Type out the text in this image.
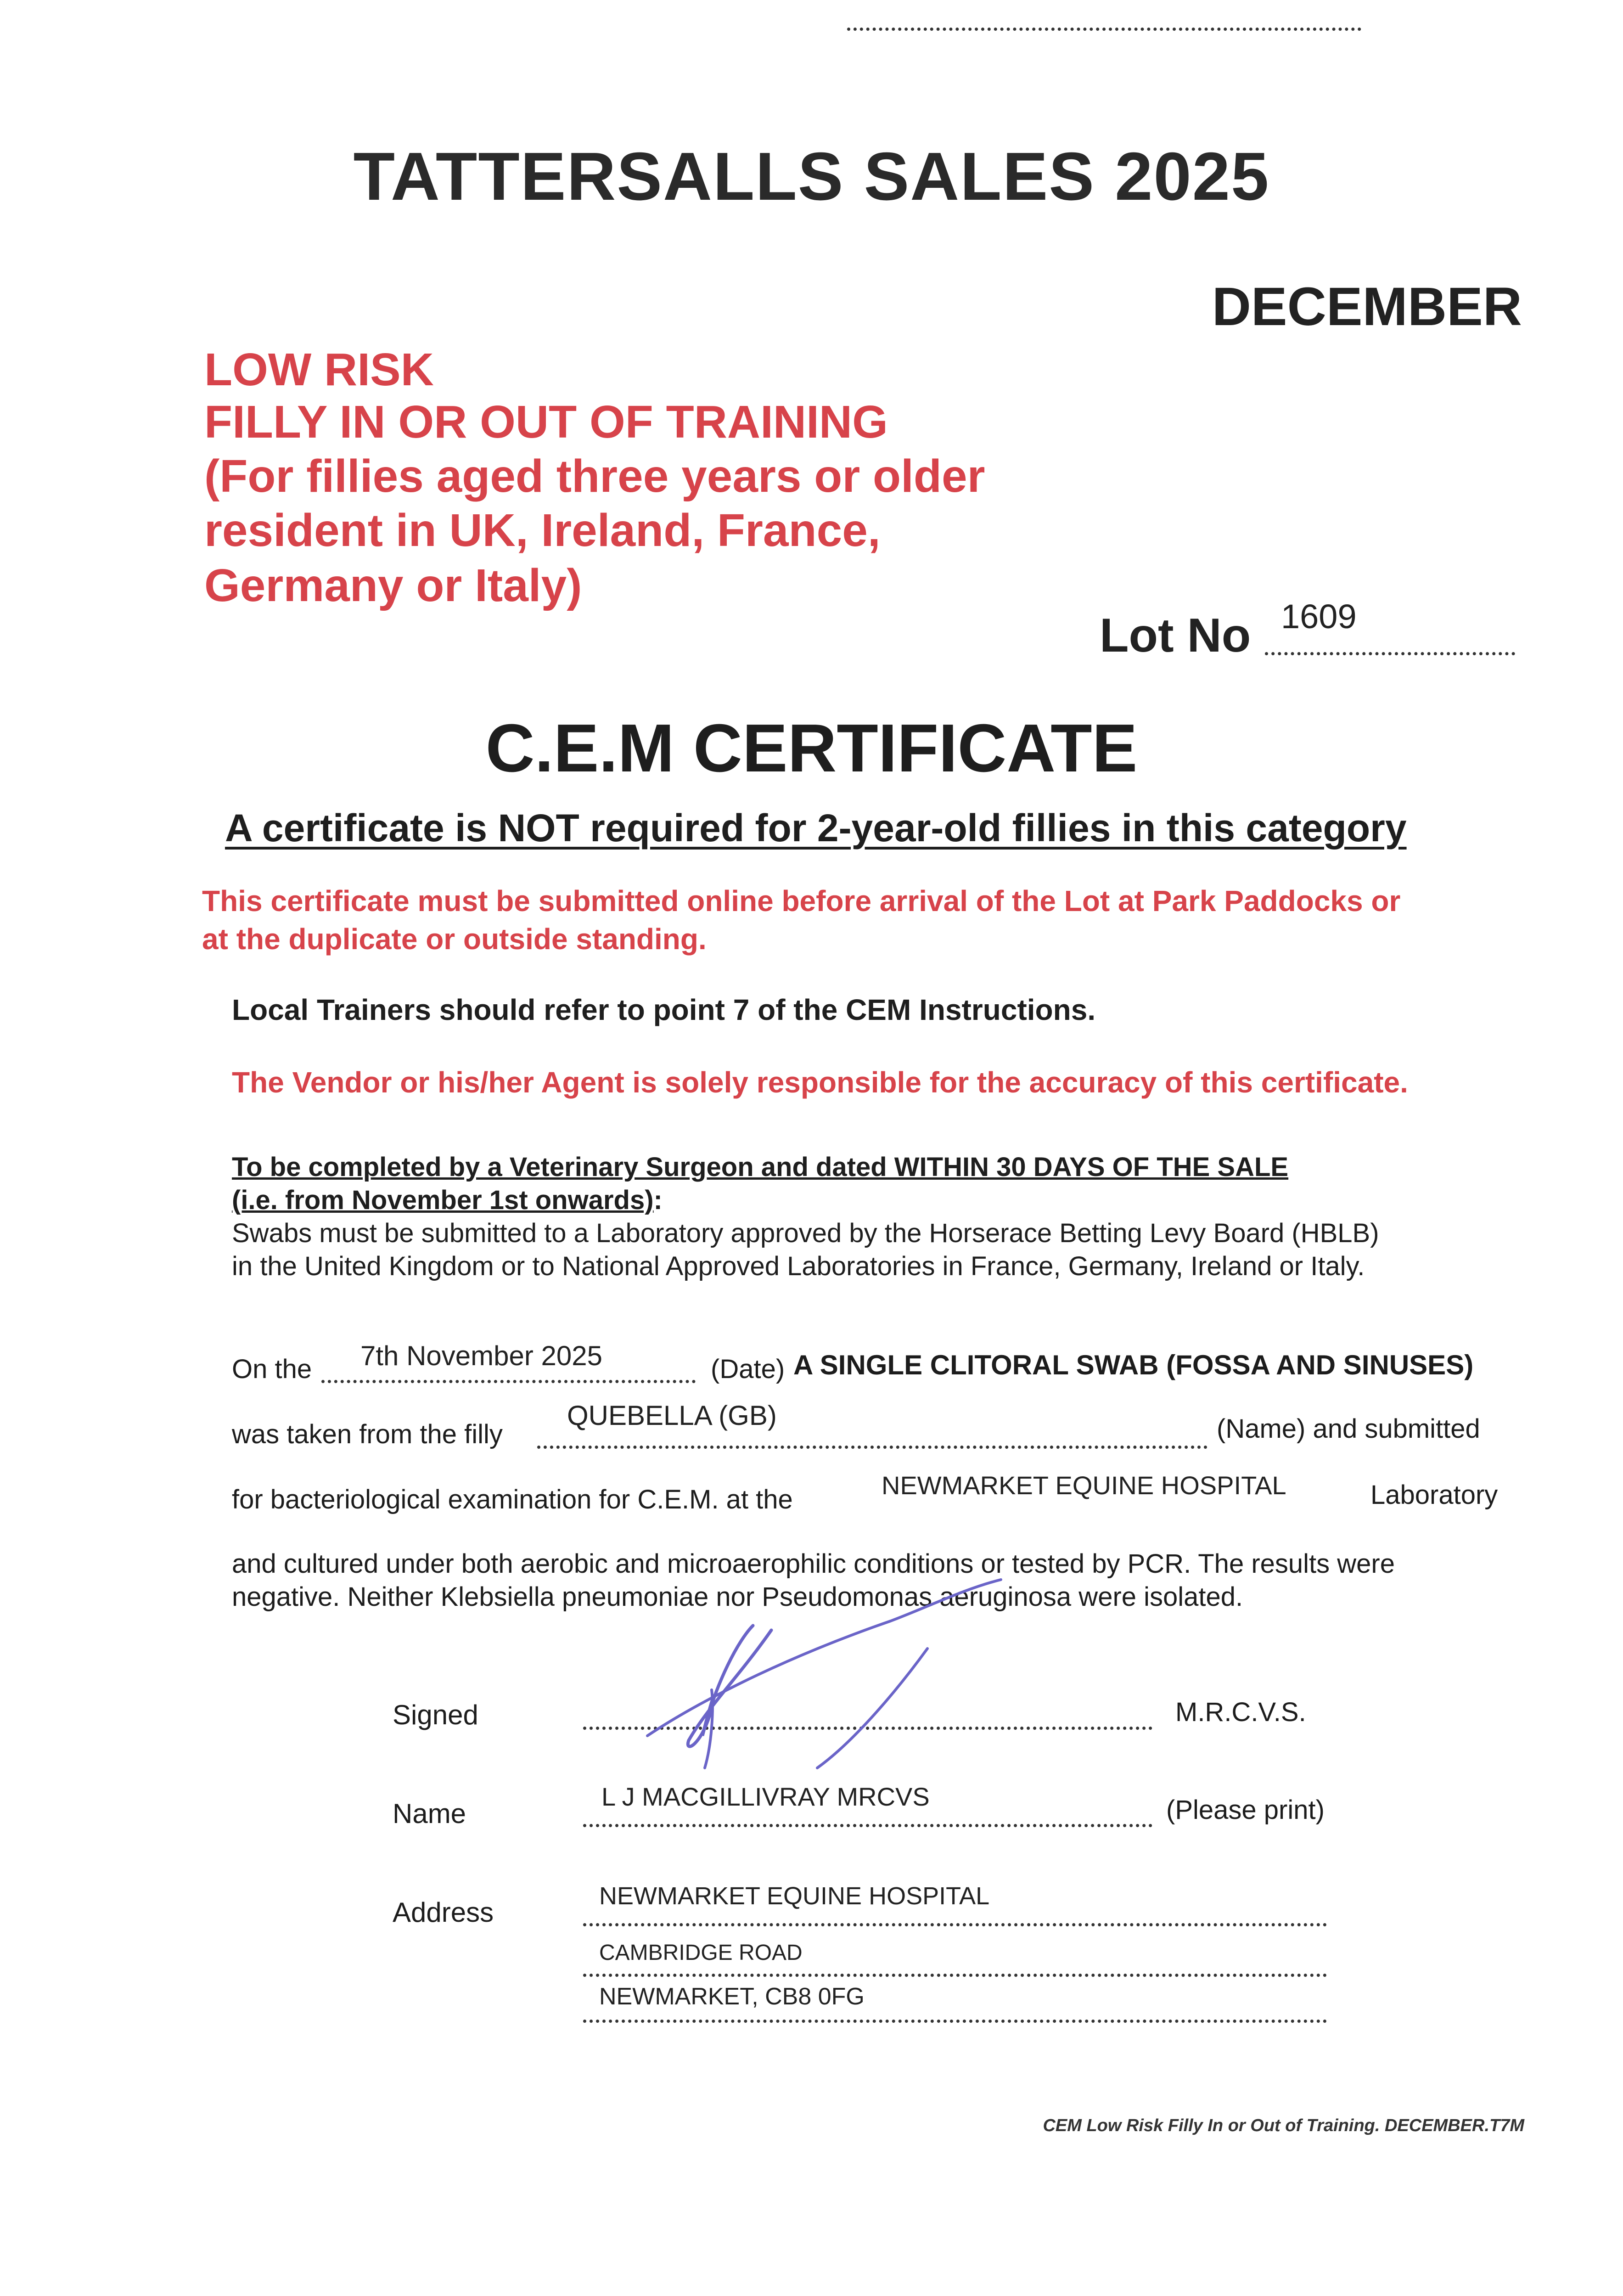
TATTERSALLS SALES 2025
DECEMBER
LOW RISK
FILLY IN OR OUT OF TRAINING
(For fillies aged three years or older
resident in UK, Ireland, France,
Germany or Italy)
Lot No 1609
C.E.M CERTIFICATE
A certificate is NOT required for 2-year-old fillies in this category
This certificate must be submitted online before arrival of the Lot at Park Paddocks or
at the duplicate or outside standing.
Local Trainers should refer to point 7 of the CEM Instructions.
The Vendor or his/her Agent is solely responsible for the accuracy of this certificate.
To be completed by a Veterinary Surgeon and dated WITHIN 30 DAYS OF THE SALE
(i.e. from November 1st onwards):
Swabs must be submitted to a Laboratory approved by the Horserace Betting Levy Board (HBLB)
in the United Kingdom or to National Approved Laboratories in France, Germany, Ireland or Italy.
On the 7th November 2025	(Date) A SINGLE CLITORAL SWAB (FOSSA AND SINUSES)
was taken from the filly
QUEBELLA (GB)	(Name) and submitted
for bacteriological examination for C.E.M. at the	NEWMARKET EQUINE HOSPITAL	Laboratory
and cultured under both aerobic and microaerophilic conditions or tested by PCR. The results were
negative. Neither Klebsiella pneumoniae nor Pseudomonas aeruginosa were isolated.
Signed	M.R.C.V.S.
Name
L J MACGILLIVRAY MRCVS	(Please print)
Address
NEWMARKET EQUINE HOSPITAL
CAMBRIDGE ROAD
NEWMARKET, CB8 0FG
CEM Low Risk Filly In or Out of Training. DECEMBER.T7M
